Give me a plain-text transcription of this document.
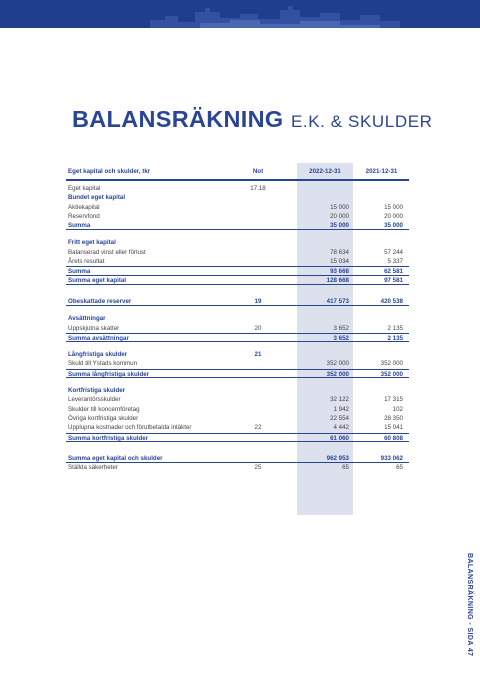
BALANSRÄKNING E.K. & SKULDER
Eget kapital och skulder, tkr	Not	2022-12-31	2021-12-31
Eget kapital	17,18
Bundet eget kapital
Aktiekapital	15 000	15 000
Reservfond	20 000	20 000
Summa	35 000	35 000
Fritt eget kapital
Balanserad vinst eller förlust	78 634	57 244
Årets resultat	15 034	5 337
Summa	93 668	62 581
Summa eget kapital	128 668	97 581
Obeskattade reserver	19	417 573	420 538
Avsättningar
Uppskjutna skatter	20	3 652	2 135
Summa avsättningar	3 652	2 135
Långfristiga skulder	21
Skuld till Ystads kommun	352 000	352 000
Summa långfristiga skulder	352 000	352 000
Kortfristiga skulder
Leverantörsskulder	32 122	17 315
Skulder till koncernföretag	1 942	102
Övriga kortfristiga skulder	22 554	28 350
Upplupna kostnader och förutbetalda intäkter	22	4 442	15 041
Summa kortfristiga skulder	61 060	60 808
Summa eget kapital och skulder	962 953	933 062
Ställda säkerheter	25	65	65
BALANSRÄKNING - SIDA 47
